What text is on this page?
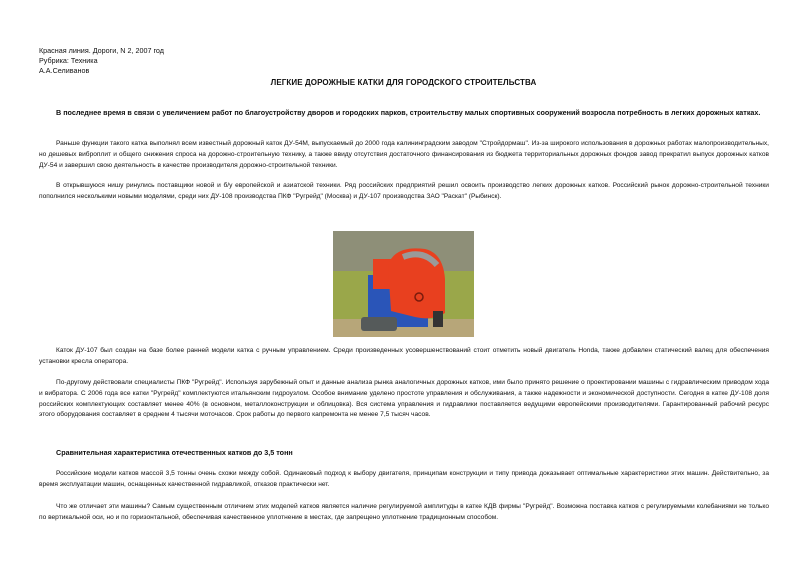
Красная линия. Дороги, N 2, 2007 год
Рубрика: Техника
А.А.Селиванов
ЛЕГКИЕ ДОРОЖНЫЕ КАТКИ ДЛЯ ГОРОДСКОГО СТРОИТЕЛЬСТВА
В последнее время в связи с увеличением работ по благоустройству дворов и городских парков, строительству малых спортивных сооружений возросла потребность в легких дорожных катках.
Раньше функции такого катка выполнял всем известный дорожный каток ДУ-54М, выпускаемый до 2000 года калининградским заводом "Стройдормаш". Из-за широкого использования в дорожных работах малопроизводительных, но дешевых виброплит и общего снижения спроса на дорожно-строительную технику, а также ввиду отсутствия достаточного финансирования из бюджета территориальных дорожных фондов завод прекратил выпуск дорожных катков ДУ-54 и завершил свою деятельность в качестве производителя дорожно-строительной техники.
В открывшуюся нишу ринулись поставщики новой и б/у европейской и азиатской техники. Ряд российских предприятий решил освоить производство легких дорожных катков. Российский рынок дорожно-строительной техники пополнился несколькими новыми моделями, среди них ДУ-108 производства ПКФ "Ругрейд" (Москва) и ДУ-107 производства ЗАО "Раскат" (Рыбинск).
Каток ДУ-107 был создан на базе более ранней модели катка с ручным управлением. Среди произведенных усовершенствований стоит отметить новый двигатель Honda, также добавлен статический валец для обеспечения установки кресла оператора.
По-другому действовали специалисты ПКФ "Ругрейд". Используя зарубежный опыт и данные анализа рынка аналогичных дорожных катков, ими было принято решение о проектировании машины с гидравлическим приводом хода и вибратора. С 2006 года все катки "Ругрейд" комплектуются итальянским гидроузлом. Особое внимание уделено простоте управления и обслуживания, а также надежности и экономической доступности. Сегодня в катке ДУ-108 доля российских комплектующих составляет менее 40% (в основном, металлоконструкции и облицовка). Вся система управления и гидравлики поставляется ведущими европейскими производителями. Гарантированный рабочий ресурс этого оборудования составляет в среднем 4 тысячи моточасов. Срок работы до первого капремонта не менее 7,5 тысяч часов.
Сравнительная характеристика отечественных катков до 3,5 тонн
Российские модели катков массой 3,5 тонны очень схожи между собой. Одинаковый подход к выбору двигателя, принципам конструкции и типу привода доказывает оптимальные характеристики этих машин. Действительно, за время эксплуатации машин, оснащенных качественной гидравликой, отказов практически нет.
Что же отличает эти машины? Самым существенным отличием этих моделей катков является наличие регулируемой амплитуды в катке КДВ фирмы "Ругрейд". Возможна поставка катков с регулируемыми колебаниями не только по вертикальной оси, но и по горизонтальной, обеспечивая качественное уплотнение в местах, где запрещено уплотнение традиционным способом.
